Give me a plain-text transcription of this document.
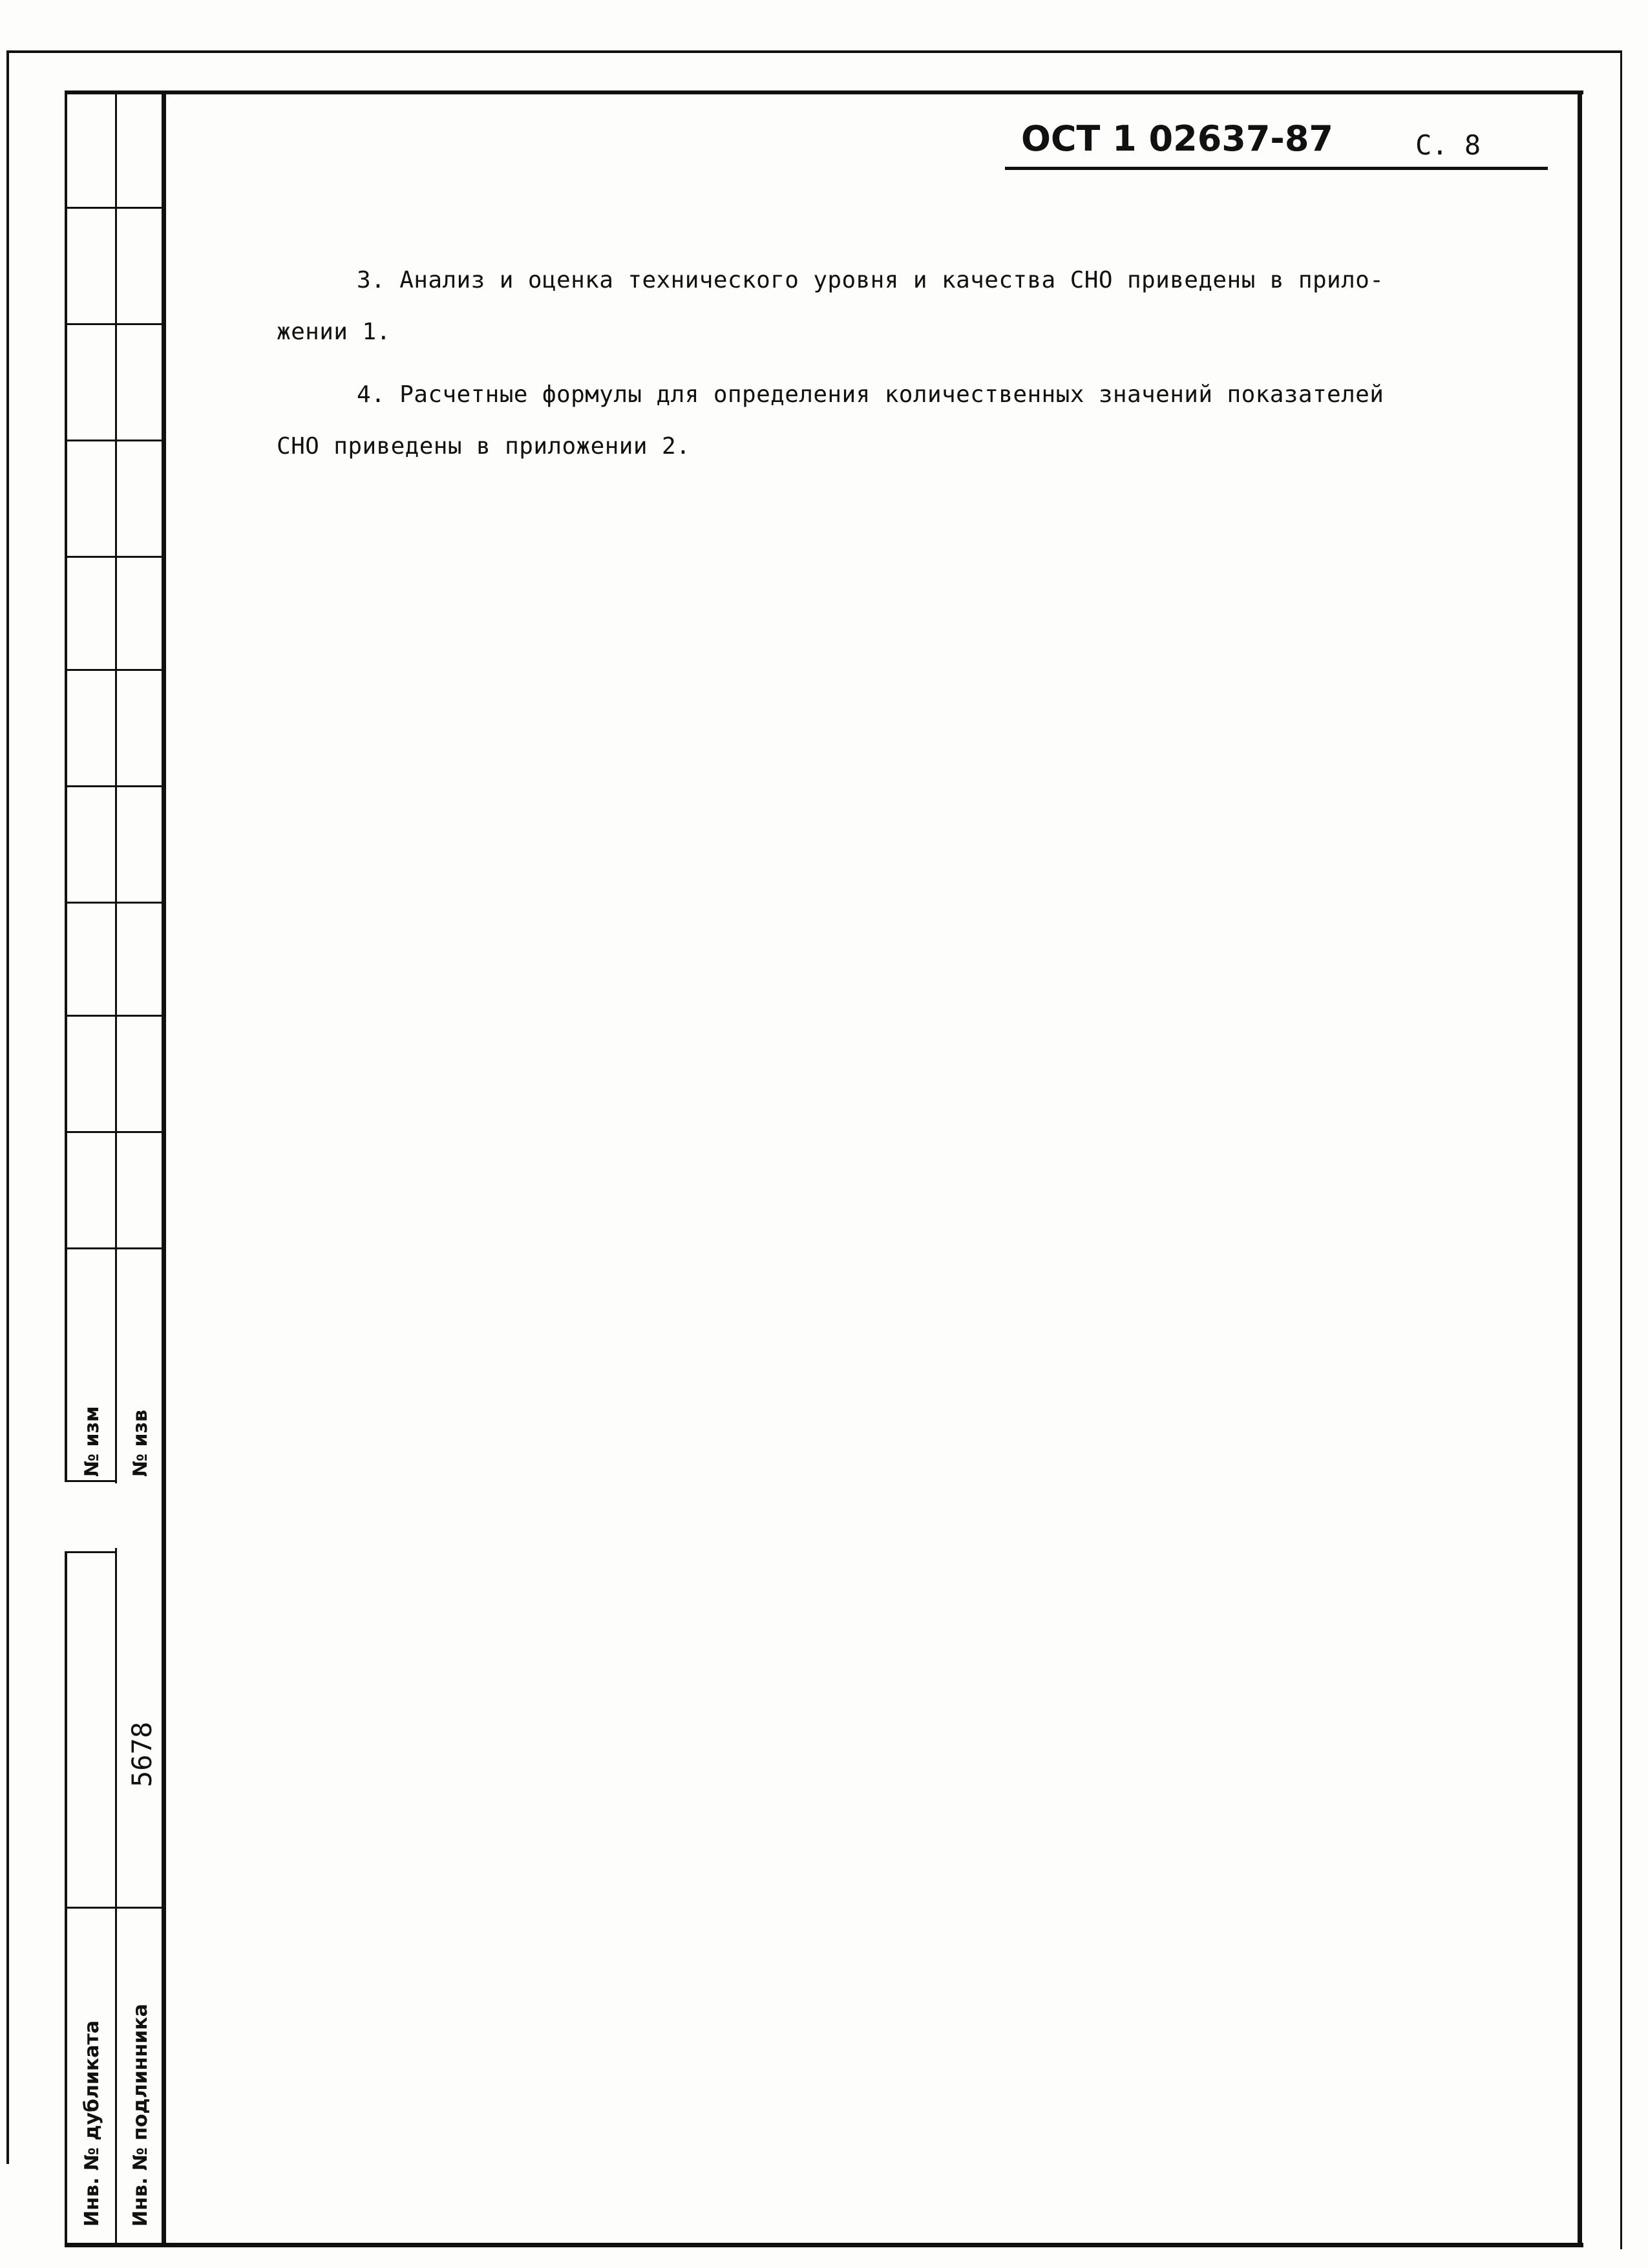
№ изм № изв
Инв. № дубликата Инв. № подлинника
5678
ОСТ 1 02637-87	С. 8
3. Анализ и оценка технического уровня и качества СНО приведены в прило-
жении 1.
4. Расчетные формулы для определения количественных значений показателей
СНО приведены в приложении 2.
